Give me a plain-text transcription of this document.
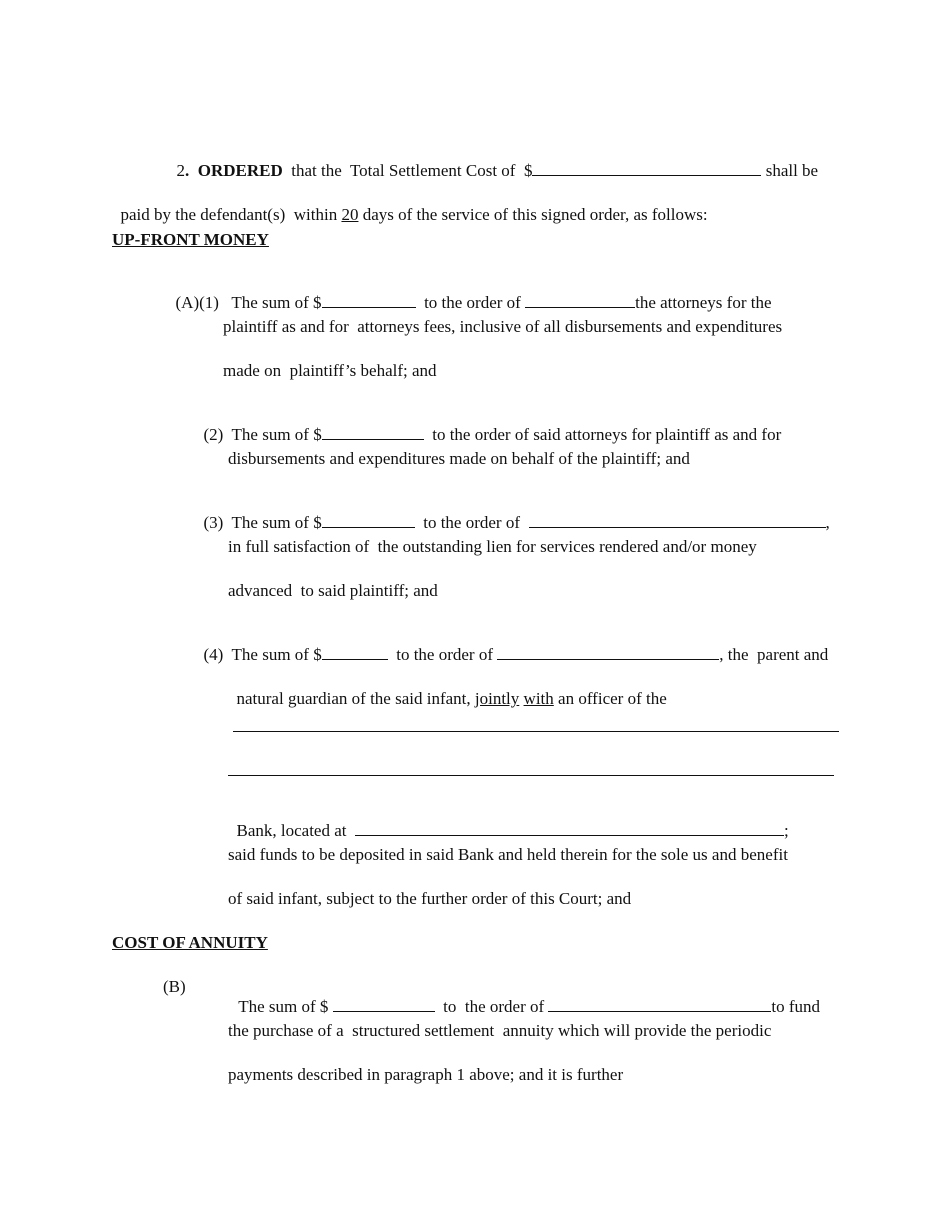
2. ORDERED that the  Total Settlement Cost of  $	shall be

paid by the defendant(s)  within 20 days of the service of this signed order, as follows:

UP-FRONT MONEY

(A)(1) The sum of $	to the order of	the attorneys for the

plaintiff as and for  attorneys fees, inclusive of all disbursements and expenditures
made on  plaintiff’s behalf; and

(2) The sum of $	to the order of said attorneys for plaintiff as and for

disbursements and expenditures made on behalf of the plaintiff; and

(3) The sum of $	to the order of	,

in full satisfaction of  the outstanding lien for services rendered and/or money
advanced  to said plaintiff; and

(4) The sum of $	to the order of	, the  parent and

natural guardian of the said infant, jointly with an officer of the

Bank, located at	;

said funds to be deposited in said Bank and held therein for the sole us and benefit
of said infant, subject to the further order of this Court; and
COST OF ANNUITY
(B)

The sum of $	to  the order of	to fund

the purchase of a  structured settlement  annuity which will provide the periodic
payments described in paragraph 1 above; and it is further
